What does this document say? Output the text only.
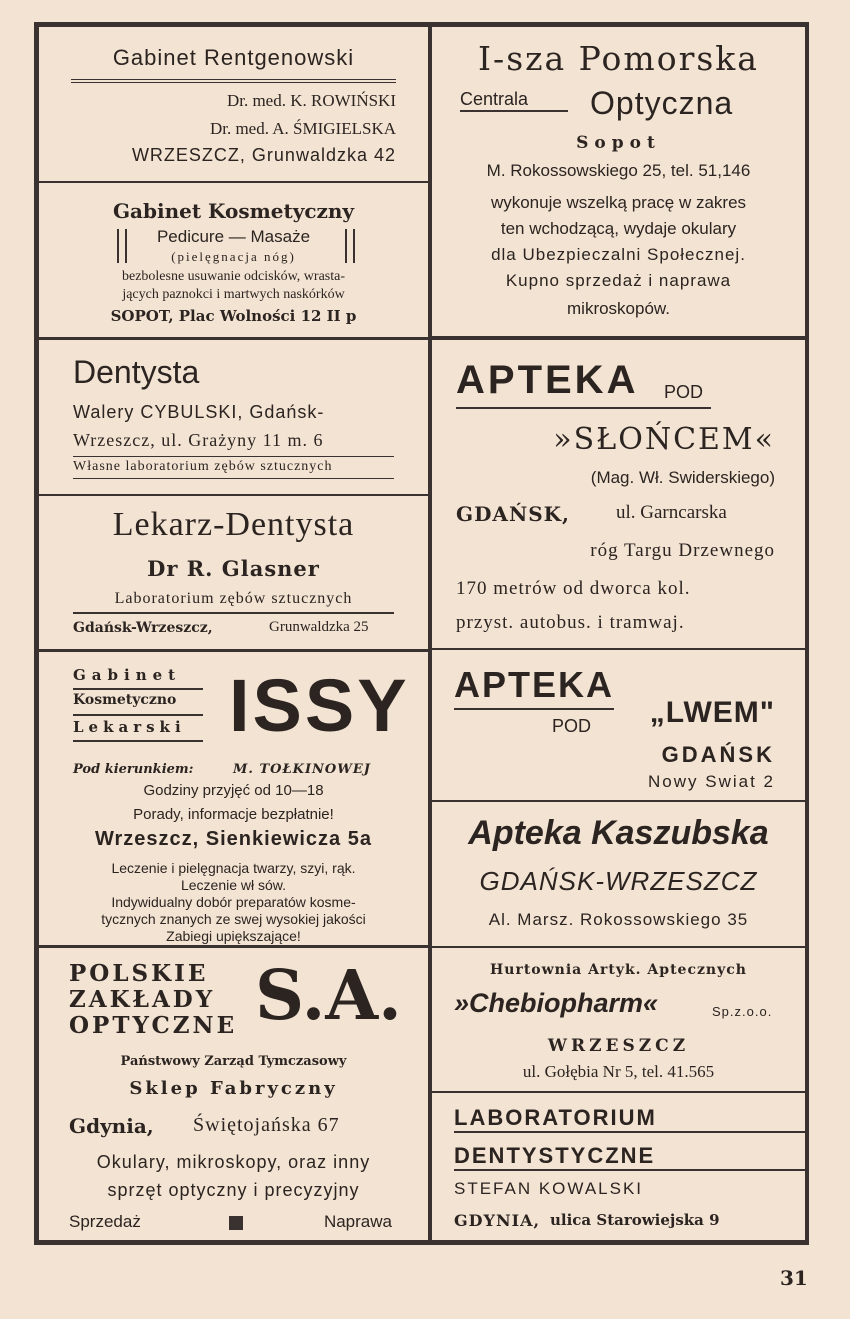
Gabinet Rentgenowski
Dr. med. K. ROWIŃSKI
Dr. med. A. ŚMIGIELSKA
WRZESZCZ, Grunwaldzka 42
I-sza Pomorska
Centrala	Optyczna
Sopot
M. Rokossowskiego 25, tel. 51,146
wykonuje wszelką pracę w zakres
ten wchodzącą, wydaje okulary
dla Ubezpieczalni Społecznej.
Kupno sprzedaż i naprawa
mikroskopów.
Gabinet Kosmetyczny
Pedicure — Masaże
(pielęgnacja nóg)
bezbolesne usuwanie odcisków, wrasta-
jących paznokci i martwych naskórków
SOPOT, Plac Wolności 12 II p
Dentysta
Walery CYBULSKI, Gdańsk-
Wrzeszcz, ul. Grażyny 11 m. 6
Własne laboratorium zębów sztucznych
APTEKA	POD
»SŁOŃCEM«
(Mag. Wł. Swiderskiego)
GDAŃSK,	ul. Garncarska
róg Targu Drzewnego
170 metrów od dworca kol.
przyst. autobus. i tramwaj.
Lekarz-Dentysta
Dr R. Glasner
Laboratorium zębów sztucznych
Gdańsk-Wrzeszcz,	Grunwaldzka 25
Gabinet
Kosmetyczno
Lekarski ISSY
Pod kierunkiem:	M. TOŁKINOWEJ
Godziny przyjęć od 10—18
Porady, informacje bezpłatnie!
Wrzeszcz, Sienkiewicza 5a
Leczenie i pielęgnacja twarzy, szyi, rąk.
Leczenie wł sów.
Indywidualny dobór preparatów kosme-
tycznych znanych ze swej wysokiej jakości
Zabiegi upiększające!
APTEKA
POD	„LWEM"
GDAŃSK
Nowy Swiat 2
Apteka Kaszubska
GDAŃSK-WRZESZCZ
Al. Marsz. Rokossowskiego 35
POLSKIE
ZAKŁADY
OPTYCZNE S.A.
Państwowy Zarząd Tymczasowy
Sklep Fabryczny
Gdynia,	Świętojańska 67
Okulary, mikroskopy, oraz inny
sprzęt optyczny i precyzyjny
Sprzedaż	Naprawa
Hurtownia Artyk. Aptecznych
»Chebiopharm«	Sp.z.o.o.
WRZESZCZ
ul. Gołębia Nr 5, tel. 41.565
LABORATORIUM
DENTYSTYCZNE
STEFAN KOWALSKI
GDYNIA, ulica Starowiejska 9
31
